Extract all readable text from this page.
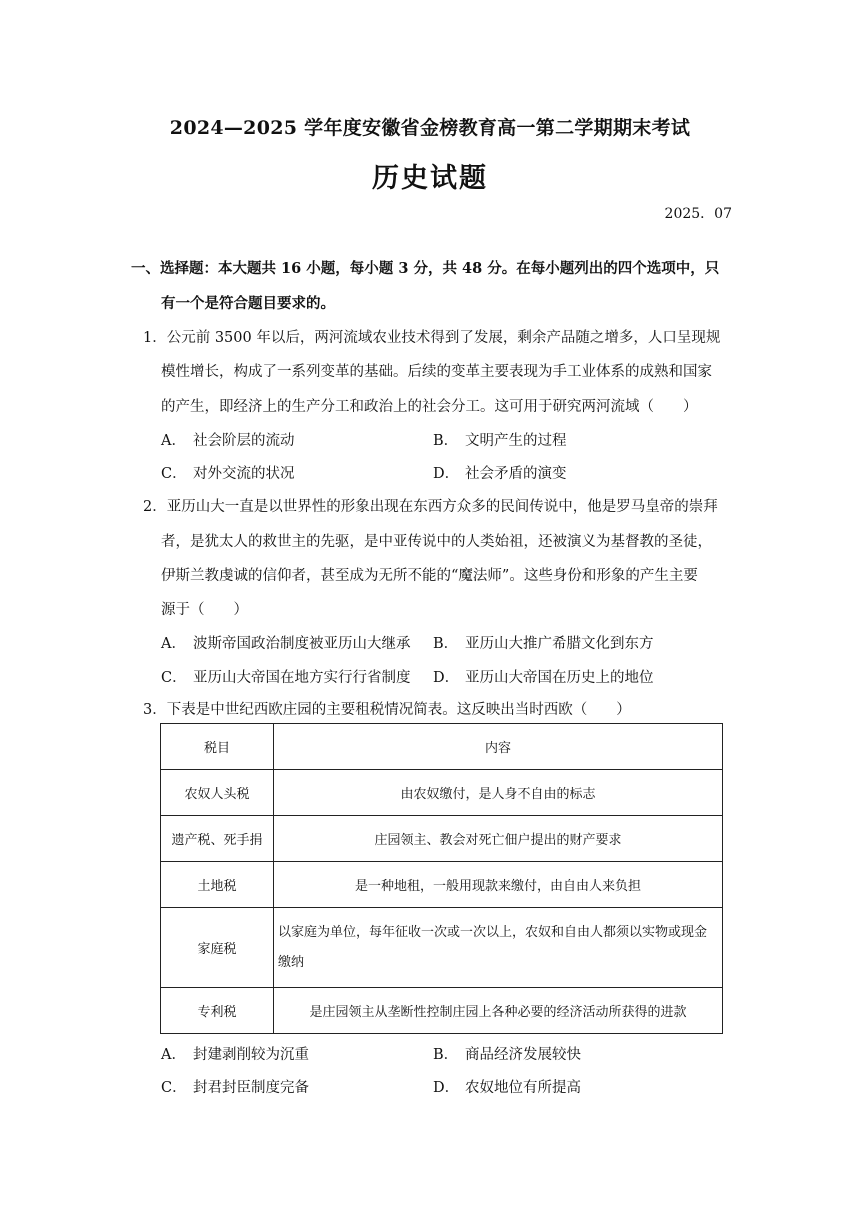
2024—2025 学年度安徽省金榜教育高一第二学期期末考试
历史试题
2025．07
一、选择题：本大题共 16 小题，每小题 3 分，共 48 分。在每小题列出的四个选项中，只
有一个是符合题目要求的。
1．公元前 3500 年以后，两河流域农业技术得到了发展，剩余产品随之增多，人口呈现规
模性增长，构成了一系列变革的基础。后续的变革主要表现为手工业体系的成熟和国家
的产生，即经济上的生产分工和政治上的社会分工。这可用于研究两河流域（　　）
A． 社会阶层的流动	B． 文明产生的过程
C． 对外交流的状况	D． 社会矛盾的演变
2．亚历山大一直是以世界性的形象出现在东西方众多的民间传说中，他是罗马皇帝的崇拜
者，是犹太人的救世主的先驱，是中亚传说中的人类始祖，还被演义为基督教的圣徒，
伊斯兰教虔诚的信仰者，甚至成为无所不能的“魔法师”。这些身份和形象的产生主要
源于（　　）
A． 波斯帝国政治制度被亚历山大继承 B． 亚历山大推广希腊文化到东方
C． 亚历山大帝国在地方实行行省制度 D． 亚历山大帝国在历史上的地位
3．下表是中世纪西欧庄园的主要租税情况简表。这反映出当时西欧（　　）
税目	内容
农奴人头税	由农奴缴付，是人身不自由的标志
遗产税、死手捐	庄园领主、教会对死亡佃户提出的财产要求
土地税	是一种地租，一般用现款来缴付，由自由人来负担
家庭税	以家庭为单位，每年征收一次或一次以上，农奴和自由人都须以实物或现金缴纳
专利税	是庄园领主从垄断性控制庄园上各种必要的经济活动所获得的进款
A． 封建剥削较为沉重	B． 商品经济发展较快
C． 封君封臣制度完备	D． 农奴地位有所提高
